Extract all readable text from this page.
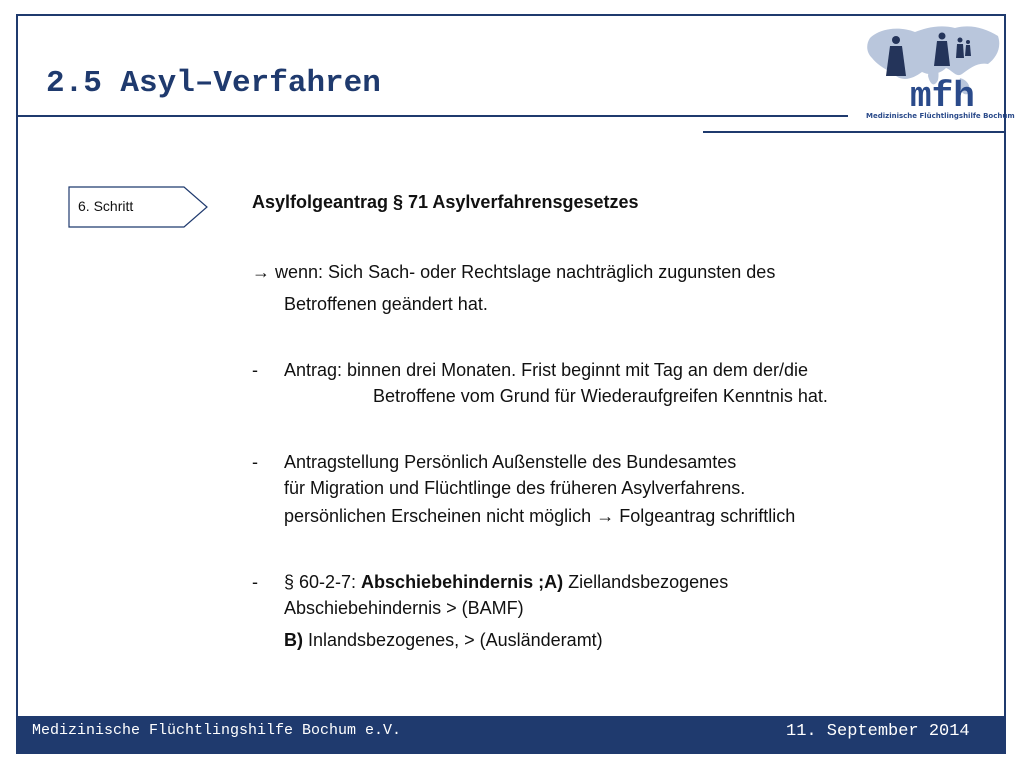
2.5 Asyl–Verfahren	mfh
Medizinische Flüchtlingshilfe Bochum
6. Schritt	Asylfolgeantrag § 71 Asylverfahrensgesetzes
→ wenn: Sich Sach- oder Rechtslage nachträglich zugunsten des
Betroffenen geändert hat.
- Antrag: binnen drei Monaten. Frist beginnt mit Tag an dem der/die
Betroffene vom Grund für Wiederaufgreifen Kenntnis hat.
- Antragstellung Persönlich Außenstelle des Bundesamtes
für Migration und Flüchtlinge des früheren Asylverfahrens.
persönlichen Erscheinen nicht möglich → Folgeantrag schriftlich
- § 60-2-7: Abschiebehindernis ;A) Ziellandsbezogenes
Abschiebehindernis > (BAMF)
B) Inlandsbezogenes, > (Ausländeramt)
Medizinische Flüchtlingshilfe Bochum e.V.	11. September 2014
